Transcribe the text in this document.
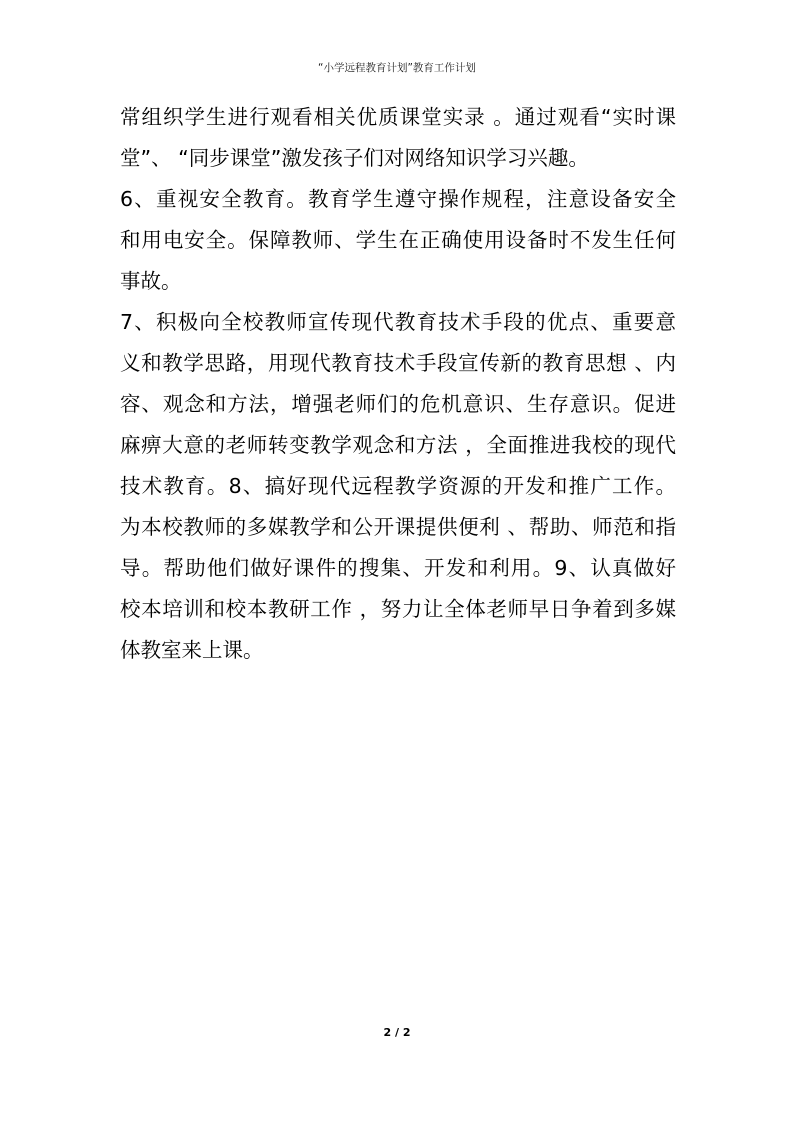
“小学远程教育计划”教育工作计划
常组织学生进行观看相关优质课堂实录 。通过观看“实时课
堂”、 “同步课堂”激发孩子们对网络知识学习兴趣。
6、重视安全教育。教育学生遵守操作规程，注意设备安全
和用电安全。保障教师、学生在正确使用设备时不发生任何
事故。
7、积极向全校教师宣传现代教育技术手段的优点、重要意
义和教学思路，用现代教育技术手段宣传新的教育思想 、内
容、观念和方法，增强老师们的危机意识、生存意识。促进
麻痹大意的老师转变教学观念和方法 ，全面推进我校的现代
技术教育。8、搞好现代远程教学资源的开发和推广工作。
为本校教师的多媒教学和公开课提供便利 、帮助、师范和指
导。帮助他们做好课件的搜集、开发和利用。9、认真做好
校本培训和校本教研工作 ，努力让全体老师早日争着到多媒
体教室来上课。
2 / 2
